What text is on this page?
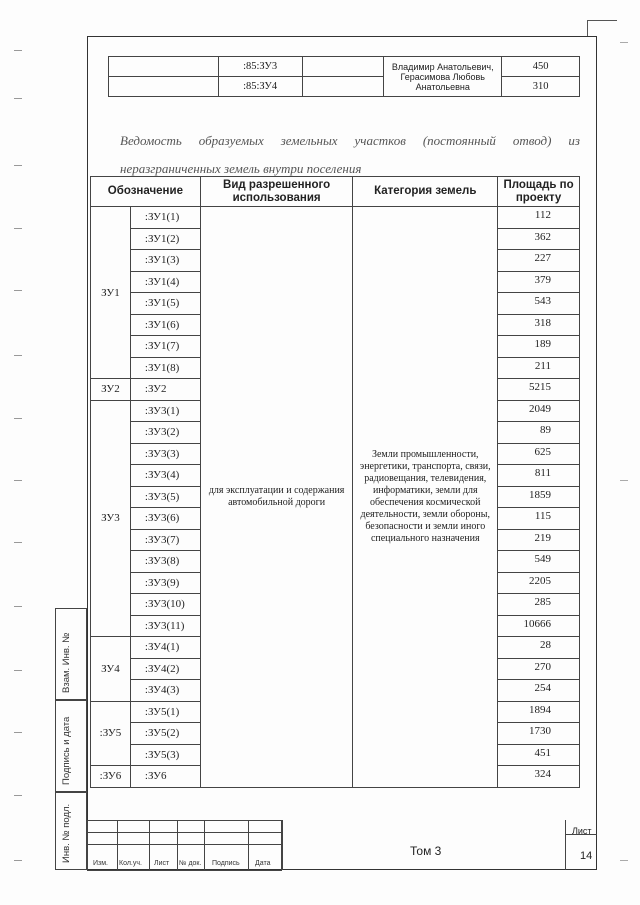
	:85:ЗУ3		Владимир Анатольевич, Герасимова Любовь Анатольевна	450
	:85:ЗУ4			310
Ведомость образуемых земельных участков (постоянный отвод) из неразграниченных земель внутри поселения
Обозначение		Вид разрешенного использования	Категория земель	Площадь по проекту
ЗУ1	:ЗУ1(1)	для эксплуатации и содержания автомобильной дороги	Земли промышленности, энергетики, транспорта, связи, радиовещания, телевидения, информатики, земли для обеспечения космической деятельности, земли обороны, безопасности и земли иного специального назначения	112
	:ЗУ1(2)			362
	:ЗУ1(3)			227
	:ЗУ1(4)			379
	:ЗУ1(5)			543
	:ЗУ1(6)			318
	:ЗУ1(7)			189
	:ЗУ1(8)			211
ЗУ2	:ЗУ2			5215
ЗУ3	:ЗУ3(1)			2049
	:ЗУ3(2)			89
	:ЗУ3(3)			625
	:ЗУ3(4)			811
	:ЗУ3(5)			1859
	:ЗУ3(6)			115
	:ЗУ3(7)			219
	:ЗУ3(8)			549
	:ЗУ3(9)			2205
	:ЗУ3(10)			285
	:ЗУ3(11)			10666
ЗУ4	:ЗУ4(1)			28
	:ЗУ4(2)			270
	:ЗУ4(3)			254
:ЗУ5	:ЗУ5(1)			1894
	:ЗУ5(2)			1730
	:ЗУ5(3)			451
:ЗУ6	:ЗУ6			324
Взам. Инв. №
Подпись и дата
Инв. № подл.

Изм. Кол.уч. Лист № док. Подпись Дата
Том 3
Лист
14
